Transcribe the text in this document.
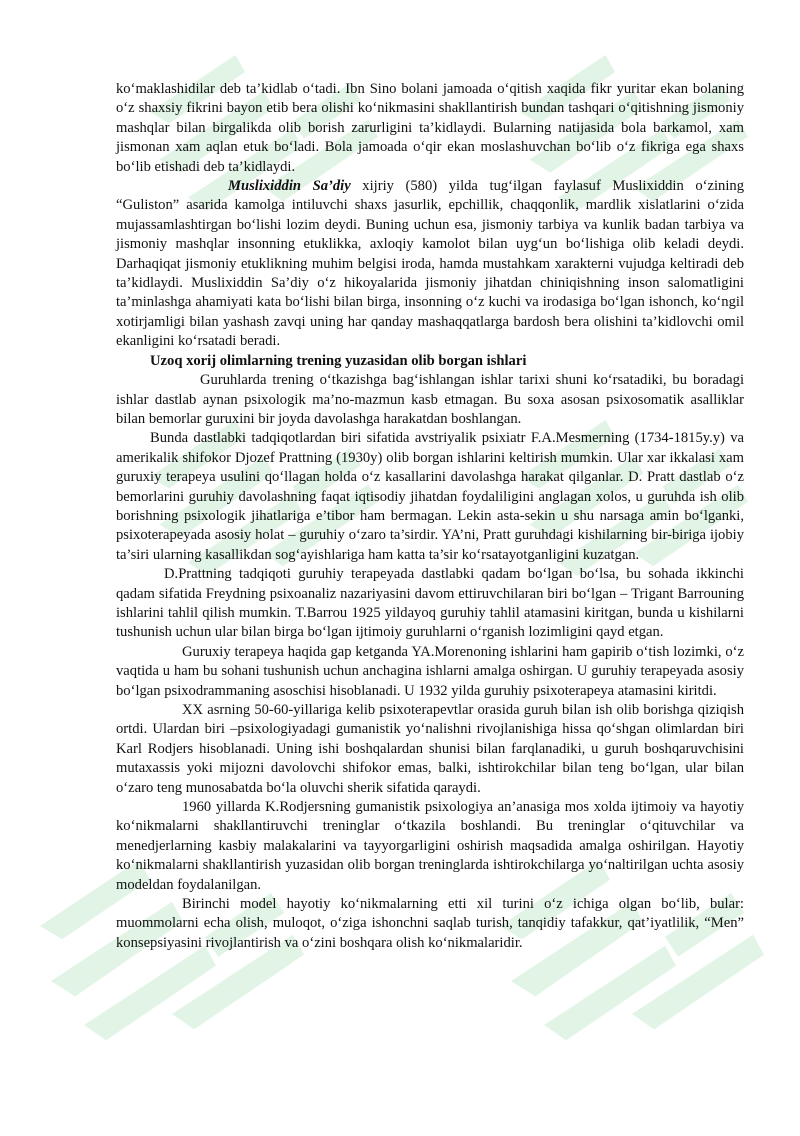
ko‘maklashidilar deb ta’kidlab o‘tadi. Ibn Sino bolani jamoada o‘qitish xaqida fikr yuritar ekan bolaning o‘z shaxsiy fikrini bayon etib bera olishi ko‘nikmasini shakllantirish bundan tashqari o‘qitishning jismoniy mashqlar bilan birgalikda olib borish zarurligini ta’kidlaydi. Bularning natijasida bola barkamol, xam jismonan xam aqlan etuk bo‘ladi. Bola jamoada o‘qir ekan moslashuvchan bo‘lib o‘z fikriga ega shaxs bo‘lib etishadi deb ta’kidlaydi.

Muslixiddin Sa’diy xijriy (580) yilda tug‘ilgan faylasuf Muslixiddin o‘zining “Guliston” asarida kamolga intiluvchi shaxs jasurlik, epchillik, chaqqonlik, mardlik xislatlarini o‘zida mujassamlashtirgan bo‘lishi lozim deydi. Buning uchun esa, jismoniy tarbiya va kunlik badan tarbiya va jismoniy mashqlar insonning etuklikka, axloqiy kamolot bilan uyg‘un bo‘lishiga olib keladi deydi. Darhaqiqat jismoniy etuklikning muhim belgisi iroda, hamda mustahkam xarakterni vujudga keltiradi deb ta’kidlaydi. Muslixiddin Sa’diy o‘z hikoyalarida jismoniy jihatdan chiniqishning inson salomatligini ta’minlashga ahamiyati kata bo‘lishi bilan birga, insonning o‘z kuchi va irodasiga bo‘lgan ishonch, ko‘ngil xotirjamligi bilan yashash zavqi uning har qanday mashaqqatlarga bardosh bera olishini ta’kidlovchi omil ekanligini ko‘rsatadi beradi.

Uzoq xorij olimlarning trening yuzasidan olib borgan ishlari

Guruhlarda trening o‘tkazishga bag‘ishlangan ishlar tarixi shuni ko‘rsatadiki, bu boradagi ishlar dastlab aynan psixologik ma’no-mazmun kasb etmagan. Bu soxa asosan psixosomatik asalliklar bilan bemorlar guruxini bir joyda davolashga harakatdan boshlangan.

Bunda dastlabki tadqiqotlardan biri sifatida avstriyalik psixiatr F.A.Mesmerning (1734-1815y.y) va amerikalik shifokor Djozef Prattning (1930y) olib borgan ishlarini keltirish mumkin. Ular xar ikkalasi xam guruxiy terapeya usulini qo‘llagan holda o‘z kasallarini davolashga harakat qilganlar. D. Pratt dastlab o‘z bemorlarini guruhiy davolashning faqat iqtisodiy jihatdan foydaliligini anglagan xolos, u guruhda ish olib borishning psixologik jihatlariga e’tibor ham bermagan. Lekin asta-sekin u shu narsaga amin bo‘lganki, psixoterapeyada asosiy holat – guruhiy o‘zaro ta’sirdir. YA’ni, Pratt guruhdagi kishilarning bir-biriga ijobiy ta’siri ularning kasallikdan sog‘ayishlariga ham katta ta’sir ko‘rsatayotganligini kuzatgan.

D.Prattning tadqiqoti guruhiy terapeyada dastlabki qadam bo‘lgan bo‘lsa, bu sohada ikkinchi qadam sifatida Freydning psixoanaliz nazariyasini davom ettiruvchilaran biri bo‘lgan – Trigant Barrouning ishlarini tahlil qilish mumkin. T.Barrou 1925 yildayoq guruhiy tahlil atamasini kiritgan, bunda u kishilarni tushunish uchun ular bilan birga bo‘lgan ijtimoiy guruhlarni o‘rganish lozimligini qayd etgan.

Guruxiy terapeya haqida gap ketganda YA.Morenoning ishlarini ham gapirib o‘tish lozimki, o‘z vaqtida u ham bu sohani tushunish uchun anchagina ishlarni amalga oshirgan. U guruhiy terapeyada asosiy bo‘lgan psixodrammaning asoschisi hisoblanadi. U 1932 yilda guruhiy psixoterapeya atamasini kiritdi.

XX asrning 50-60-yillariga kelib psixoterapevtlar orasida guruh bilan ish olib borishga qiziqish ortdi. Ulardan biri –psixologiyadagi gumanistik yo‘nalishni rivojlanishiga hissa qo‘shgan olimlardan biri Karl Rodjers hisoblanadi. Uning ishi boshqalardan shunisi bilan farqlanadiki, u guruh boshqaruvchisini mutaxassis yoki mijozni davolovchi shifokor emas, balki, ishtirokchilar bilan teng bo‘lgan, ular bilan o‘zaro teng munosabatda bo‘la oluvchi sherik sifatida qaraydi.

1960 yillarda K.Rodjersning gumanistik psixologiya an’anasiga mos xolda ijtimoiy va hayotiy ko‘nikmalarni shakllantiruvchi treninglar o‘tkazila boshlandi. Bu treninglar o‘qituvchilar va menedjerlarning kasbiy malakalarini va tayyorgarligini oshirish maqsadida amalga oshirilgan. Hayotiy ko‘nikmalarni shakllantirish yuzasidan olib borgan treninglarda ishtirokchilarga yo‘naltirilgan uchta asosiy modeldan foydalanilgan.

Birinchi model hayotiy ko‘nikmalarning etti xil turini o‘z ichiga olgan bo‘lib, bular: muommolarni echa olish, muloqot, o‘ziga ishonchni saqlab turish, tanqidiy tafakkur, qat’iyatlilik, “Men” konsepsiyasini rivojlantirish va o‘zini boshqara olish ko‘nikmalaridir.
